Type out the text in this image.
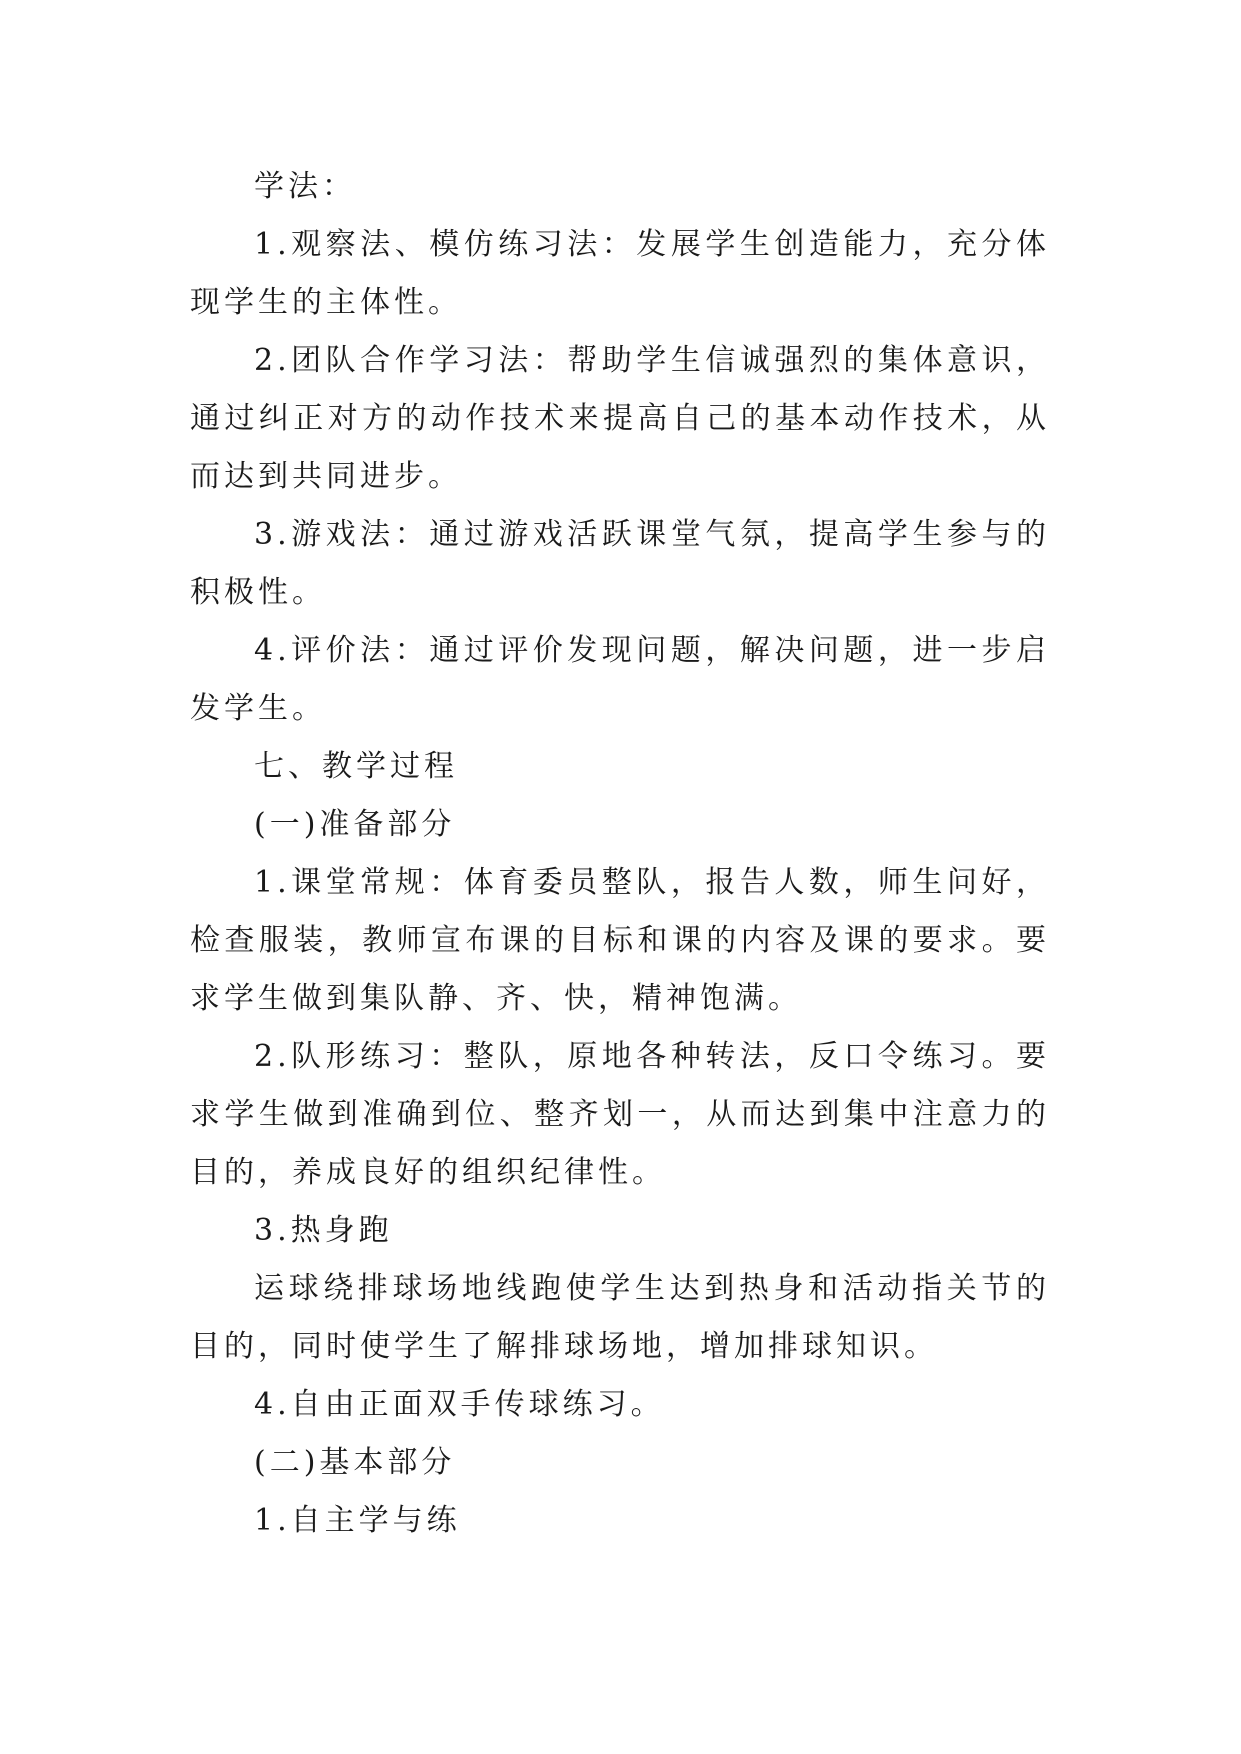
学法：

1.观察法、模仿练习法：发展学生创造能力，充分体现学生的主体性。

2.团队合作学习法：帮助学生信诚强烈的集体意识，通过纠正对方的动作技术来提高自己的基本动作技术，从而达到共同进步。

3.游戏法：通过游戏活跃课堂气氛，提高学生参与的积极性。

4.评价法：通过评价发现问题，解决问题，进一步启发学生。

七、教学过程

(一)准备部分

1.课堂常规：体育委员整队，报告人数，师生问好，检查服装，教师宣布课的目标和课的内容及课的要求。要求学生做到集队静、齐、快，精神饱满。

2.队形练习：整队，原地各种转法，反口令练习。要求学生做到准确到位、整齐划一，从而达到集中注意力的目的，养成良好的组织纪律性。

3.热身跑

运球绕排球场地线跑使学生达到热身和活动指关节的目的，同时使学生了解排球场地，增加排球知识。

4.自由正面双手传球练习。

(二)基本部分

1.自主学与练
